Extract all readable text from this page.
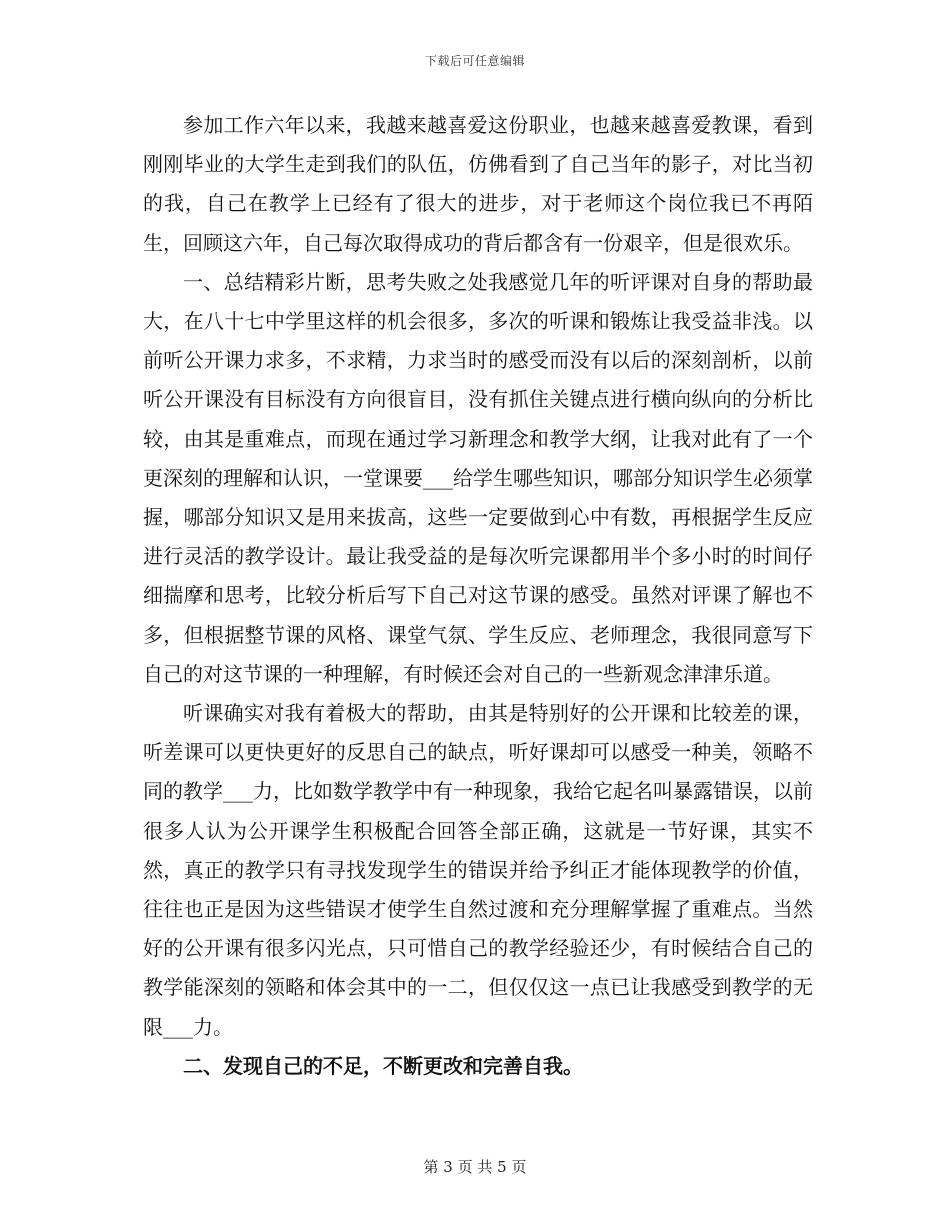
下载后可任意编辑

参加工作六年以来，我越来越喜爱这份职业，也越来越喜爱教课，看到刚刚毕业的大学生走到我们的队伍，仿佛看到了自己当年的影子，对比当初的我，自己在教学上已经有了很大的进步，对于老师这个岗位我已不再陌生，回顾这六年，自己每次取得成功的背后都含有一份艰辛，但是很欢乐。

一、总结精彩片断，思考失败之处我感觉几年的听评课对自身的帮助最大，在八十七中学里这样的机会很多，多次的听课和锻炼让我受益非浅。以前听公开课力求多，不求精，力求当时的感受而没有以后的深刻剖析，以前听公开课没有目标没有方向很盲目，没有抓住关键点进行横向纵向的分析比较，由其是重难点，而现在通过学习新理念和教学大纲，让我对此有了一个更深刻的理解和认识，一堂课要___给学生哪些知识，哪部分知识学生必须掌握，哪部分知识又是用来拔高，这些一定要做到心中有数，再根据学生反应进行灵活的教学设计。最让我受益的是每次听完课都用半个多小时的时间仔细揣摩和思考，比较分析后写下自己对这节课的感受。虽然对评课了解也不多，但根据整节课的风格、课堂气氛、学生反应、老师理念，我很同意写下自己的对这节课的一种理解，有时候还会对自己的一些新观念津津乐道。

听课确实对我有着极大的帮助，由其是特别好的公开课和比较差的课，听差课可以更快更好的反思自己的缺点，听好课却可以感受一种美，领略不同的教学___力，比如数学教学中有一种现象，我给它起名叫暴露错误，以前很多人认为公开课学生积极配合回答全部正确，这就是一节好课，其实不然，真正的教学只有寻找发现学生的错误并给予纠正才能体现教学的价值，往往也正是因为这些错误才使学生自然过渡和充分理解掌握了重难点。当然好的公开课有很多闪光点，只可惜自己的教学经验还少，有时候结合自己的教学能深刻的领略和体会其中的一二，但仅仅这一点已让我感受到教学的无限___力。

二、发现自己的不足，不断更改和完善自我。

第 3 页 共 5 页
